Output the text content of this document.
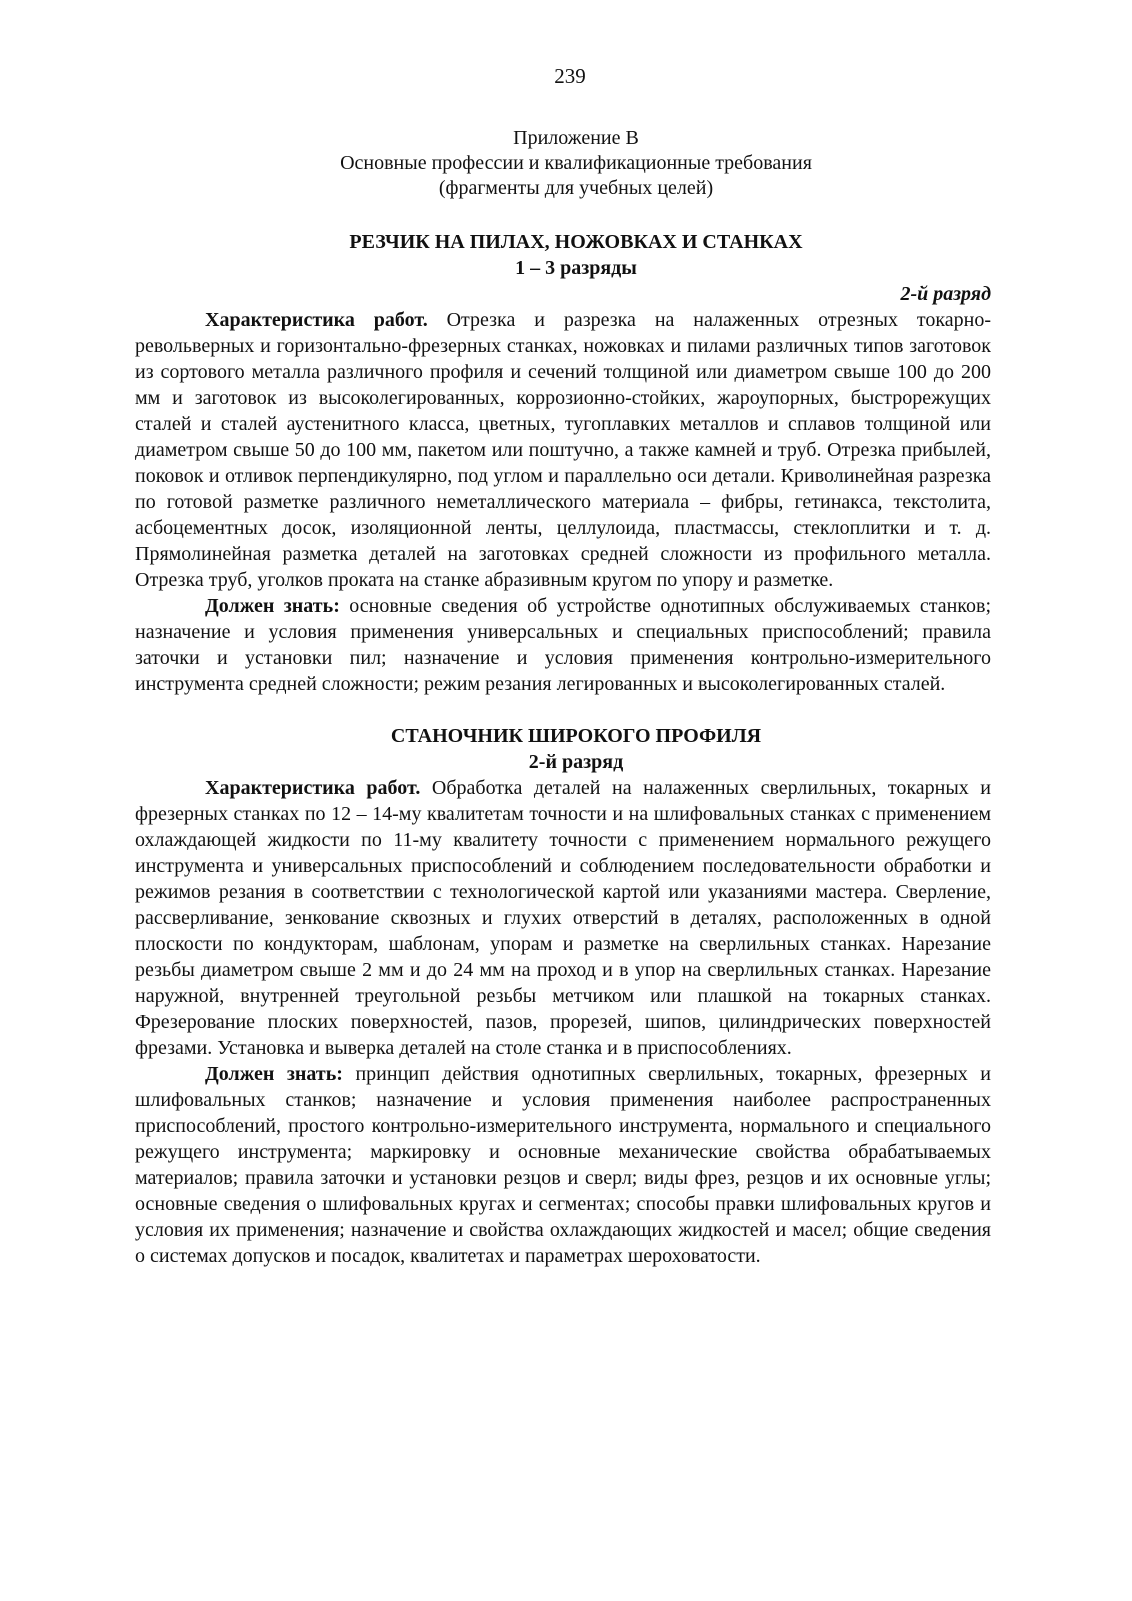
239
Приложение В
Основные профессии и квалификационные требования
(фрагменты для учебных целей)
РЕЗЧИК НА ПИЛАХ, НОЖОВКАХ И СТАНКАХ
1 – 3 разряды
2-й разряд

Характеристика работ. Отрезка и разрезка на налаженных отрезных токарно-револьверных и горизонтально-фрезерных станках, ножовках и пилами различных типов заготовок из сортового металла различного профиля и сечений толщиной или диаметром свыше 100 до 200 мм и заготовок из высоколегированных, коррозионно-стойких, жароупорных, быстрорежущих сталей и сталей аустенитного класса, цветных, тугоплавких металлов и сплавов толщиной или диаметром свыше 50 до 100 мм, пакетом или поштучно, а также камней и труб. Отрезка прибылей, поковок и отливок перпендикулярно, под углом и параллельно оси детали. Криволинейная разрезка по готовой разметке различного неметаллического материала – фибры, гетинакса, текстолита, асбоцементных досок, изоляционной ленты, целлулоида, пластмассы, стеклоплитки и т. д. Прямолинейная разметка деталей на заготовках средней сложности из профильного металла. Отрезка труб, уголков проката на станке абразивным кругом по упору и разметке.

Должен знать: основные сведения об устройстве однотипных обслуживаемых станков; назначение и условия применения универсальных и специальных приспособлений; правила заточки и установки пил; назначение и условия применения контрольно-измерительного инструмента средней сложности; режим резания легированных и высоколегированных сталей.

СТАНОЧНИК ШИРОКОГО ПРОФИЛЯ
2-й разряд

Характеристика работ. Обработка деталей на налаженных сверлильных, токарных и фрезерных станках по 12 – 14-му квалитетам точности и на шлифовальных станках с применением охлаждающей жидкости по 11-му квалитету точности с применением нормального режущего инструмента и универсальных приспособлений и соблюдением последовательности обработки и режимов резания в соответствии с технологической картой или указаниями мастера. Сверление, рассверливание, зенкование сквозных и глухих отверстий в деталях, расположенных в одной плоскости по кондукторам, шаблонам, упорам и разметке на сверлильных станках. Нарезание резьбы диаметром свыше 2 мм и до 24 мм на проход и в упор на сверлильных станках. Нарезание наружной, внутренней треугольной резьбы метчиком или плашкой на токарных станках. Фрезерование плоских поверхностей, пазов, прорезей, шипов, цилиндрических поверхностей фрезами. Установка и выверка деталей на столе станка и в приспособлениях.

Должен знать: принцип действия однотипных сверлильных, токарных, фрезерных и шлифовальных станков; назначение и условия применения наиболее распространенных приспособлений, простого контрольно-измерительного инструмента, нормального и специального режущего инструмента; маркировку и основные механические свойства обрабатываемых материалов; правила заточки и установки резцов и сверл; виды фрез, резцов и их основные углы; основные сведения о шлифовальных кругах и сегментах; способы правки шлифовальных кругов и условия их применения; назначение и свойства охлаждающих жидкостей и масел; общие сведения о системах допусков и посадок, квалитетах и параметрах шероховатости.
